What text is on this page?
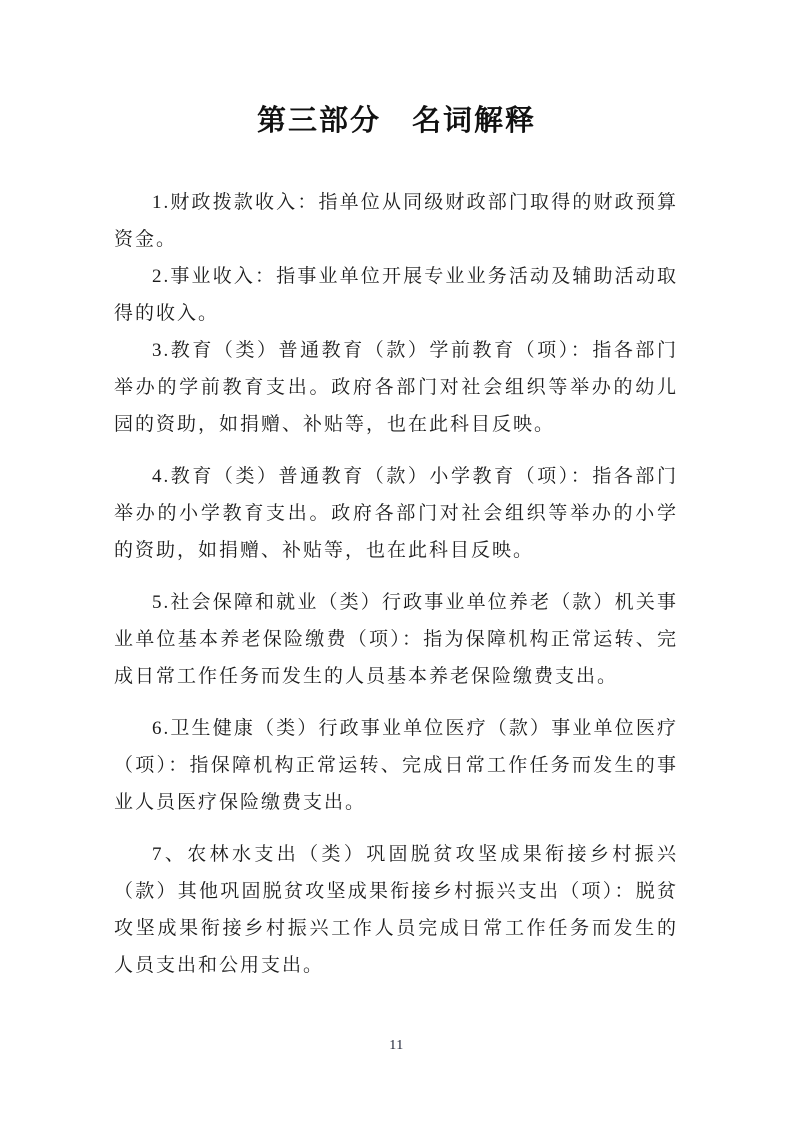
第三部分　名词解释

1.财政拨款收入：指单位从同级财政部门取得的财政预算资金。

2.事业收入：指事业单位开展专业业务活动及辅助活动取得的收入。

3.教育（类）普通教育（款）学前教育（项）：指各部门举办的学前教育支出。政府各部门对社会组织等举办的幼儿园的资助，如捐赠、补贴等，也在此科目反映。

4.教育（类）普通教育（款）小学教育（项）：指各部门举办的小学教育支出。政府各部门对社会组织等举办的小学的资助，如捐赠、补贴等，也在此科目反映。

5.社会保障和就业（类）行政事业单位养老（款）机关事业单位基本养老保险缴费（项）：指为保障机构正常运转、完成日常工作任务而发生的人员基本养老保险缴费支出。

6.卫生健康（类）行政事业单位医疗（款）事业单位医疗（项）：指保障机构正常运转、完成日常工作任务而发生的事业人员医疗保险缴费支出。

7、农林水支出（类）巩固脱贫攻坚成果衔接乡村振兴（款）其他巩固脱贫攻坚成果衔接乡村振兴支出（项）：脱贫攻坚成果衔接乡村振兴工作人员完成日常工作任务而发生的人员支出和公用支出。

11
